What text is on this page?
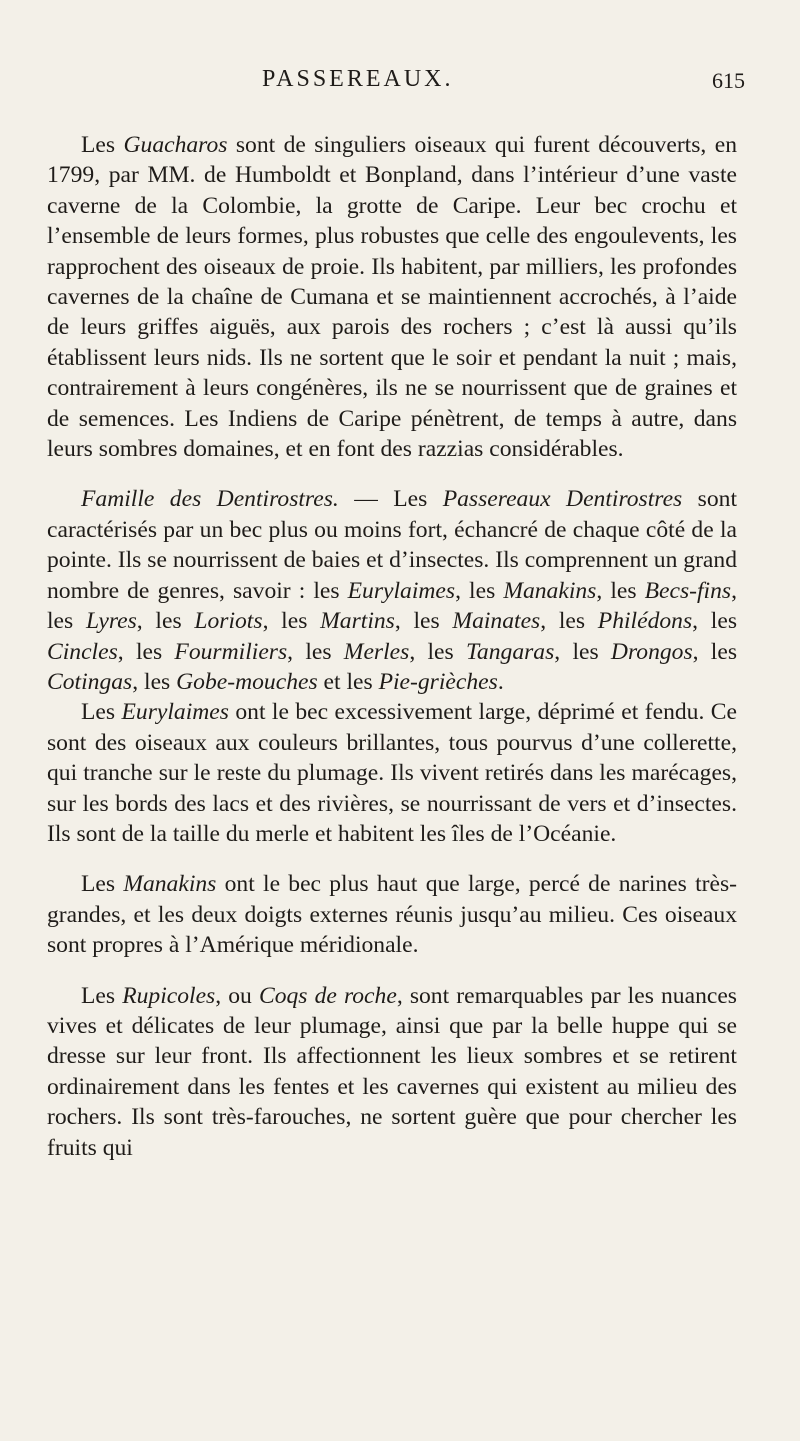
PASSEREAUX.	615

Les Guacharos sont de singuliers oiseaux qui furent découverts, en 1799, par MM. de Humboldt et Bonpland, dans l’intérieur d’une vaste caverne de la Colombie, la grotte de Caripe. Leur bec crochu et l’ensemble de leurs formes, plus robustes que celle des engoulevents, les rapprochent des oiseaux de proie. Ils habitent, par milliers, les profondes cavernes de la chaîne de Cumana et se maintiennent accrochés, à l’aide de leurs griffes aiguës, aux parois des rochers ; c’est là aussi qu’ils établissent leurs nids. Ils ne sortent que le soir et pendant la nuit ; mais, contrairement à leurs congénères, ils ne se nourrissent que de graines et de semences. Les Indiens de Caripe pénètrent, de temps à autre, dans leurs sombres domaines, et en font des razzias considérables.

Famille des Dentirostres. — Les Passereaux Dentirostres sont caractérisés par un bec plus ou moins fort, échancré de chaque côté de la pointe. Ils se nourrissent de baies et d’insectes. Ils comprennent un grand nombre de genres, savoir : les Eurylaimes, les Manakins, les Becs-fins, les Lyres, les Loriots, les Martins, les Mainates, les Philédons, les Cincles, les Fourmiliers, les Merles, les Tangaras, les Drongos, les Cotingas, les Gobe-mouches et les Pie-grièches.

Les Eurylaimes ont le bec excessivement large, déprimé et fendu. Ce sont des oiseaux aux couleurs brillantes, tous pourvus d’une collerette, qui tranche sur le reste du plumage. Ils vivent retirés dans les marécages, sur les bords des lacs et des rivières, se nourrissant de vers et d’insectes. Ils sont de la taille du merle et habitent les îles de l’Océanie.

Les Manakins ont le bec plus haut que large, percé de narines très-grandes, et les deux doigts externes réunis jusqu’au milieu. Ces oiseaux sont propres à l’Amérique méridionale.

Les Rupicoles, ou Coqs de roche, sont remarquables par les nuances vives et délicates de leur plumage, ainsi que par la belle huppe qui se dresse sur leur front. Ils affectionnent les lieux sombres et se retirent ordinairement dans les fentes et les cavernes qui existent au milieu des rochers. Ils sont très-farouches, ne sortent guère que pour chercher les fruits qui
